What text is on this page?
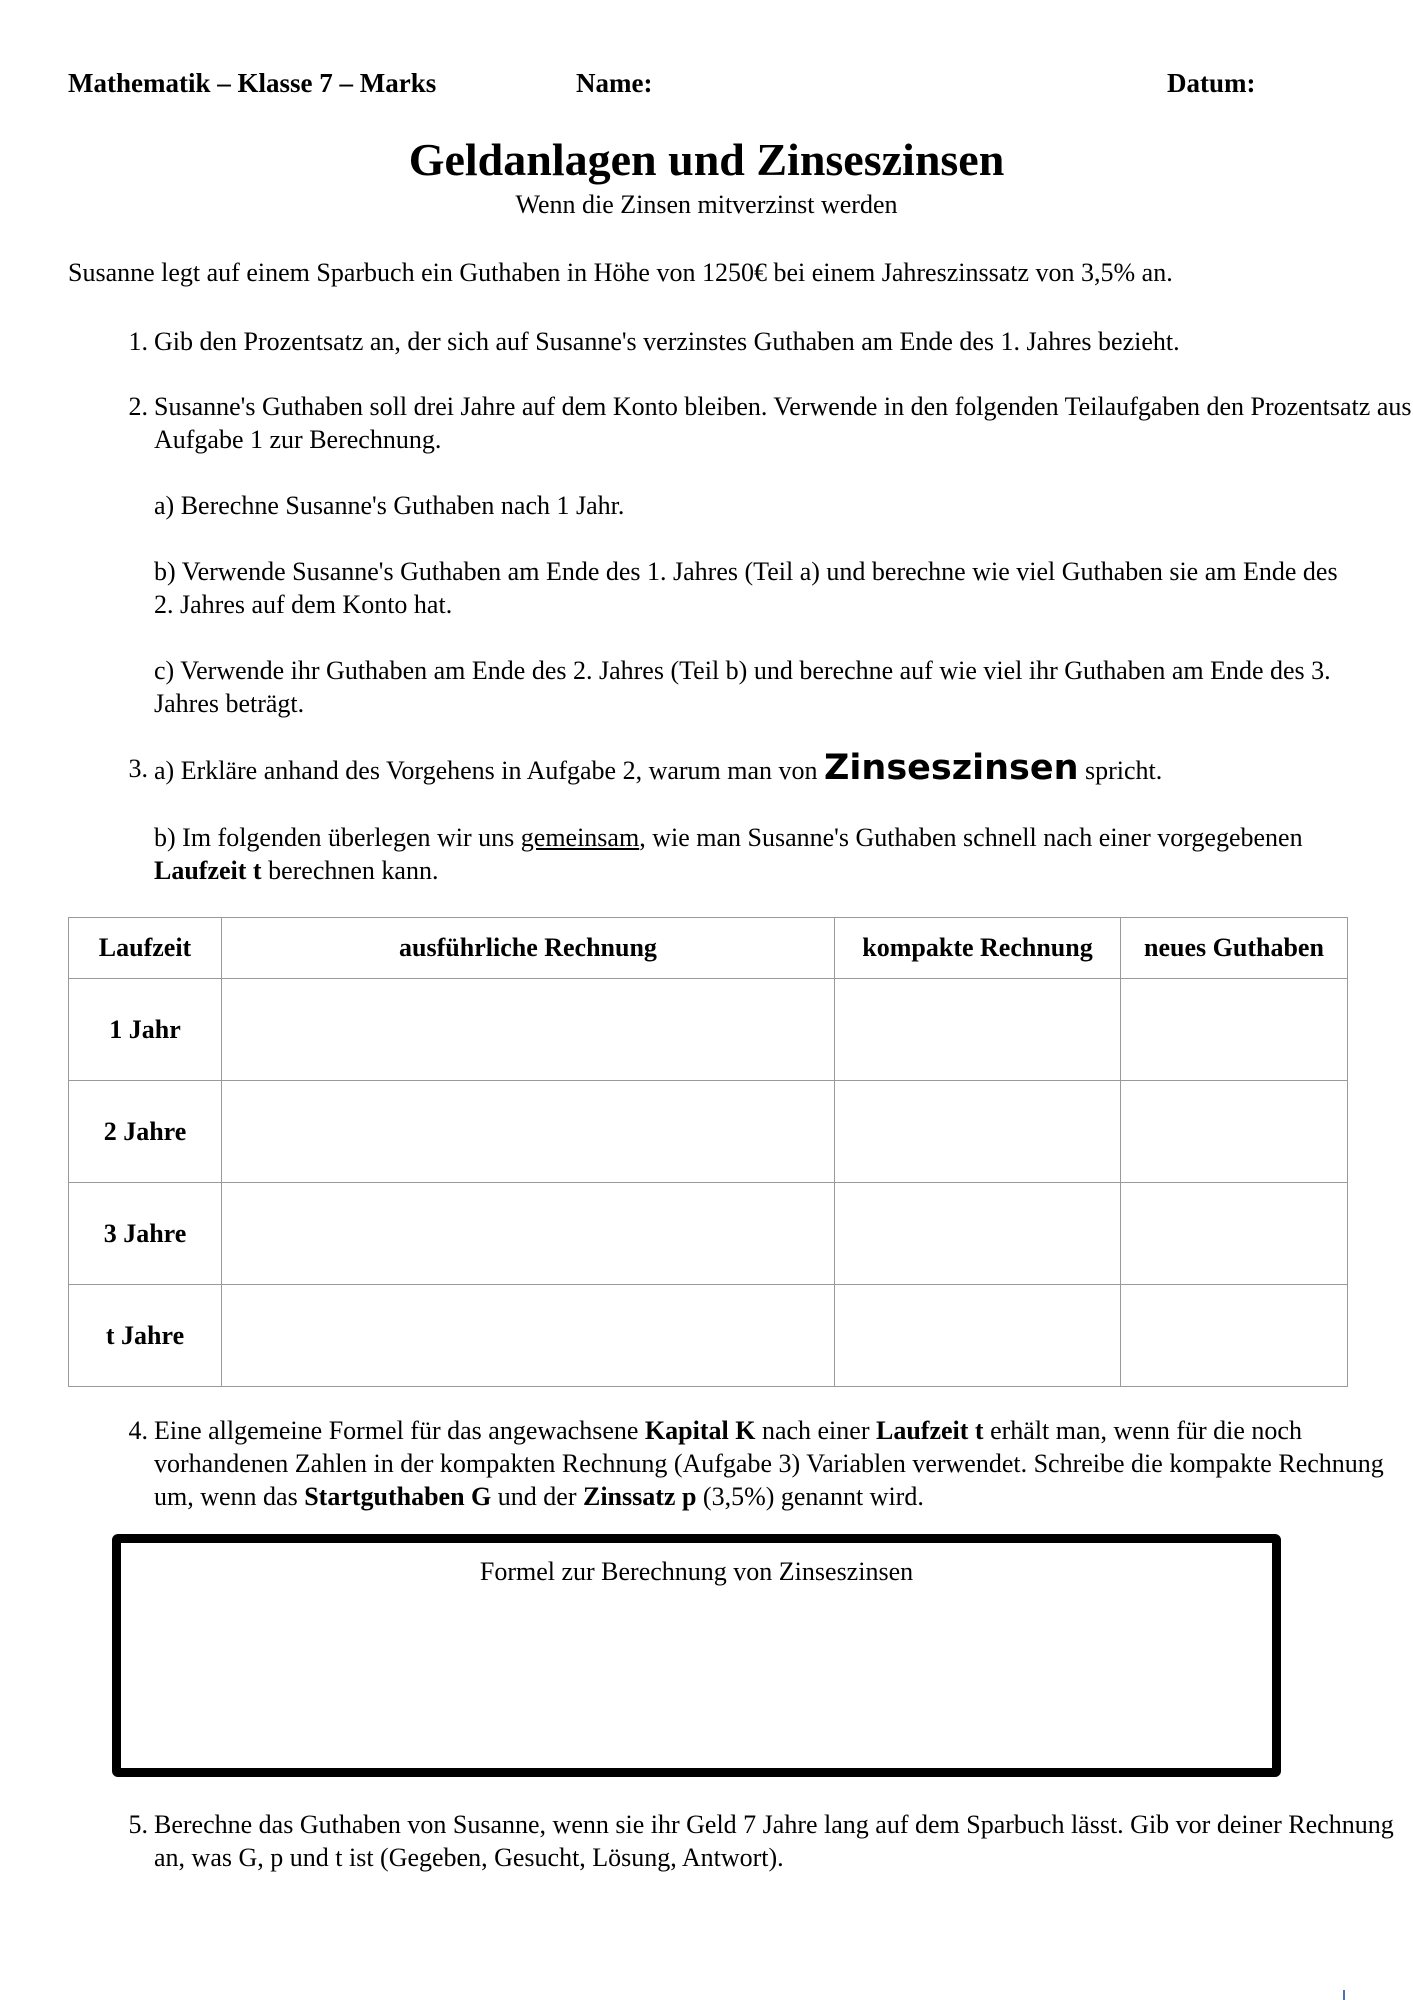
Mathematik – Klasse 7 – Marks	Name:	Datum:
Geldanlagen und Zinseszinsen
Wenn die Zinsen mitverzinst werden
Susanne legt auf einem Sparbuch ein Guthaben in Höhe von 1250€ bei einem Jahreszinssatz von 3,5% an.
1. Gib den Prozentsatz an, der sich auf Susanne's verzinstes Guthaben am Ende des 1. Jahres bezieht.
2. Susanne's Guthaben soll drei Jahre auf dem Konto bleiben. Verwende in den folgenden Teilaufgaben den Prozentsatz aus Aufgabe 1 zur Berechnung.
a) Berechne Susanne's Guthaben nach 1 Jahr.
b) Verwende Susanne's Guthaben am Ende des 1. Jahres (Teil a) und berechne wie viel Guthaben sie am Ende des 2. Jahres auf dem Konto hat.
c) Verwende ihr Guthaben am Ende des 2. Jahres (Teil b) und berechne auf wie viel ihr Guthaben am Ende des 3. Jahres beträgt.
3. a) Erkläre anhand des Vorgehens in Aufgabe 2, warum man von Zinseszinsen spricht.
b) Im folgenden überlegen wir uns gemeinsam, wie man Susanne's Guthaben schnell nach einer vorgegebenen Laufzeit t berechnen kann.
Laufzeit	ausführliche Rechnung	kompakte Rechnung	neues Guthaben
1 Jahr			
2 Jahre			
3 Jahre			
t Jahre			
4. Eine allgemeine Formel für das angewachsene Kapital K nach einer Laufzeit t erhält man, wenn für die noch vorhandenen Zahlen in der kompakten Rechnung (Aufgabe 3) Variablen verwendet. Schreibe die kompakte Rechnung um, wenn das Startguthaben G und der Zinssatz p (3,5%) genannt wird.
Formel zur Berechnung von Zinseszinsen
5. Berechne das Guthaben von Susanne, wenn sie ihr Geld 7 Jahre lang auf dem Sparbuch lässt. Gib vor deiner Rechnung an, was G, p und t ist (Gegeben, Gesucht, Lösung, Antwort).
